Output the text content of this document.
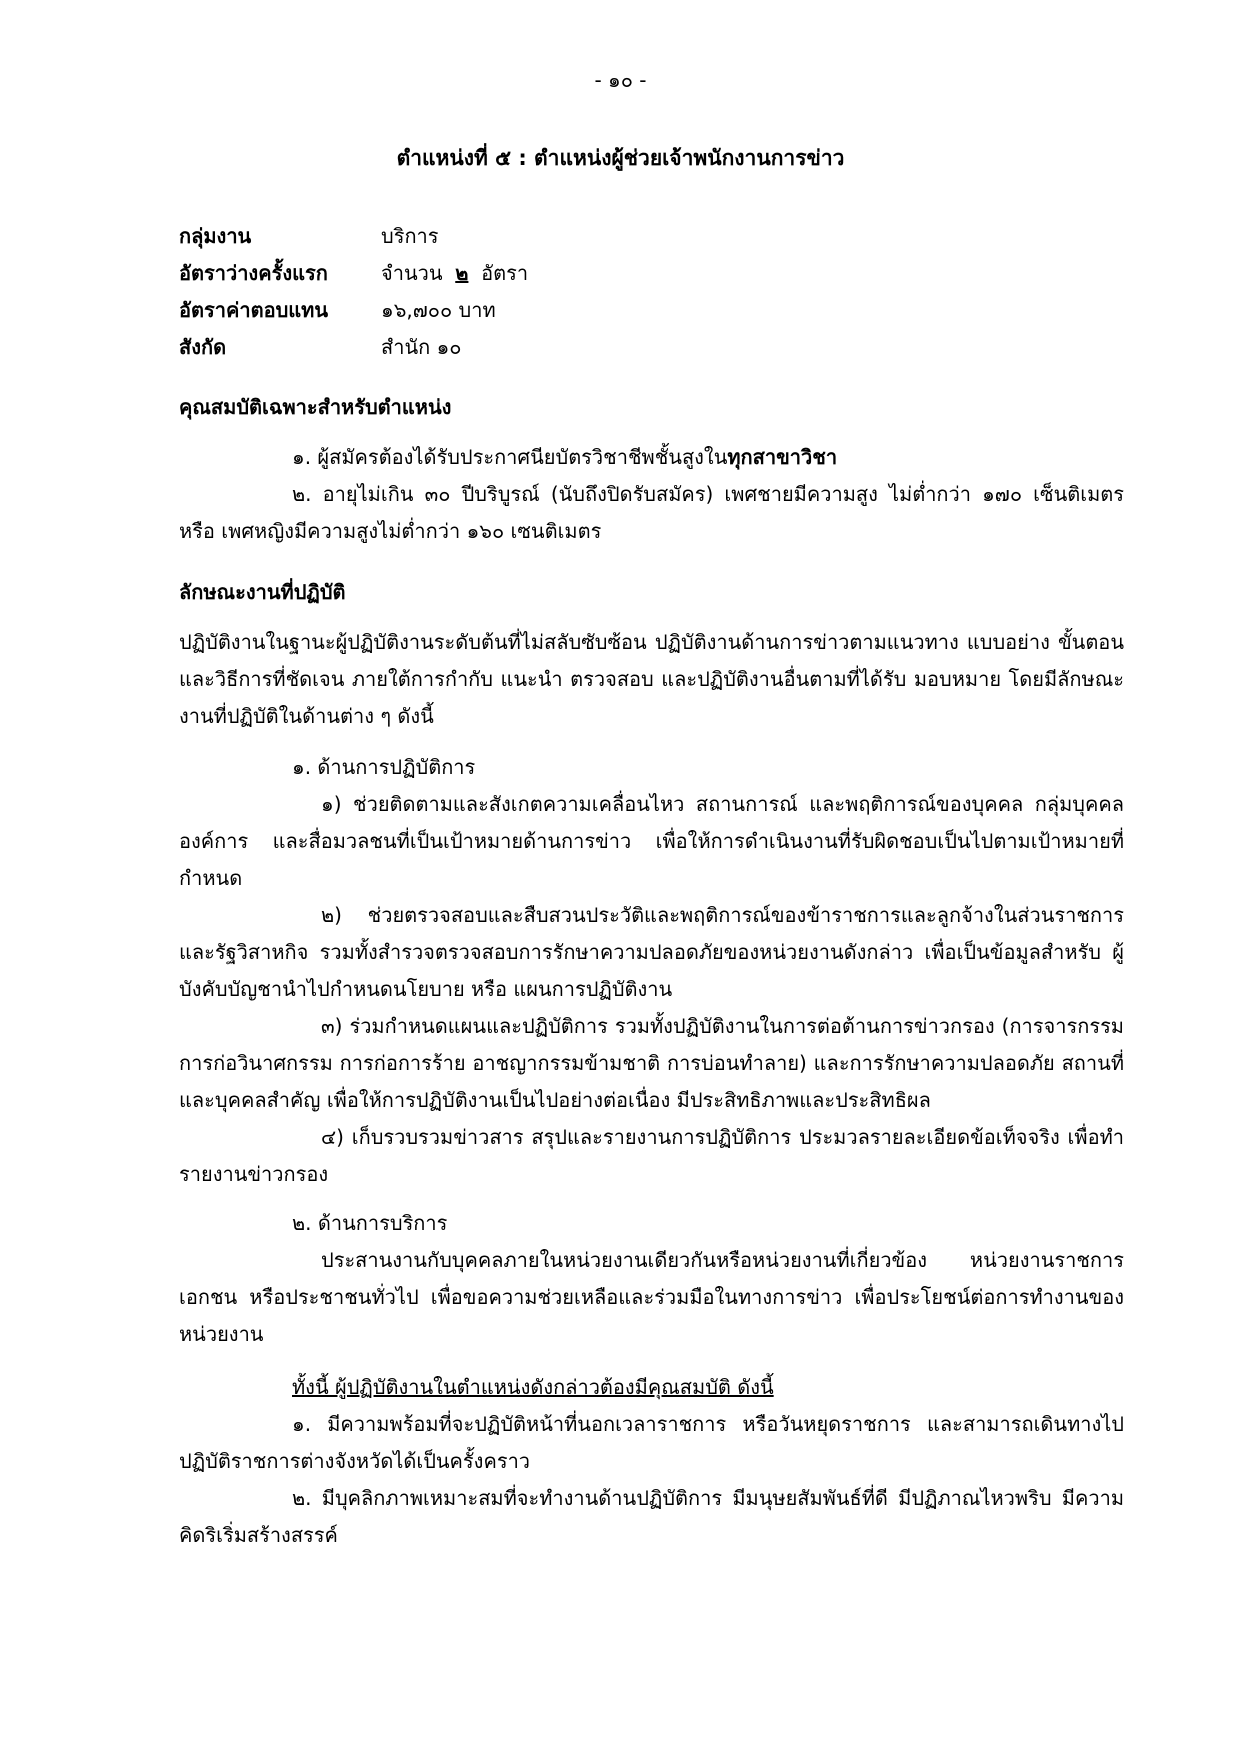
- ๑๐ -
ตำแหน่งที่ ๕ : ตำแหน่งผู้ช่วยเจ้าพนักงานการข่าว
กลุ่มงาน	บริการ
อัตราว่างครั้งแรก	จำนวน ๒ อัตรา
อัตราค่าตอบแทน	๑๖,๗๐๐ บาท
สังกัด	สำนัก ๑๐
คุณสมบัติเฉพาะสำหรับตำแหน่ง

๑. ผู้สมัครต้องได้รับประกาศนียบัตรวิชาชีพชั้นสูงในทุกสาขาวิชา

๒. อายุไม่เกิน ๓๐ ปีบริบูรณ์ (นับถึงปิดรับสมัคร) เพศชายมีความสูง ไม่ต่ำกว่า ๑๗๐ เซ็นติเมตร หรือ เพศหญิงมีความสูงไม่ต่ำกว่า ๑๖๐ เซนติเมตร

ลักษณะงานที่ปฏิบัติ
ปฏิบัติงานในฐานะผู้ปฏิบัติงานระดับต้นที่ไม่สลับซับซ้อน ปฏิบัติงานด้านการข่าวตามแนวทาง แบบอย่าง ขั้นตอน และวิธีการที่ชัดเจน ภายใต้การกำกับ แนะนำ ตรวจสอบ และปฏิบัติงานอื่นตามที่ได้รับ มอบหมาย โดยมีลักษณะงานที่ปฏิบัติในด้านต่าง ๆ ดังนี้

๑. ด้านการปฏิบัติการ

๑) ช่วยติดตามและสังเกตความเคลื่อนไหว สถานการณ์ และพฤติการณ์ของบุคคล กลุ่มบุคคล องค์การ และสื่อมวลชนที่เป็นเป้าหมายด้านการข่าว เพื่อให้การดำเนินงานที่รับผิดชอบเป็นไปตามเป้าหมายที่กำหนด

๒) ช่วยตรวจสอบและสืบสวนประวัติและพฤติการณ์ของข้าราชการและลูกจ้างในส่วนราชการ และรัฐวิสาหกิจ รวมทั้งสำรวจตรวจสอบการรักษาความปลอดภัยของหน่วยงานดังกล่าว เพื่อเป็นข้อมูลสำหรับ ผู้บังคับบัญชานำไปกำหนดนโยบาย หรือ แผนการปฏิบัติงาน

๓) ร่วมกำหนดแผนและปฏิบัติการ รวมทั้งปฏิบัติงานในการต่อต้านการข่าวกรอง (การจารกรรม การก่อวินาศกรรม การก่อการร้าย อาชญากรรมข้ามชาติ การบ่อนทำลาย) และการรักษาความปลอดภัย สถานที่และบุคคลสำคัญ เพื่อให้การปฏิบัติงานเป็นไปอย่างต่อเนื่อง มีประสิทธิภาพและประสิทธิผล

๔) เก็บรวบรวมข่าวสาร สรุปและรายงานการปฏิบัติการ ประมวลรายละเอียดข้อเท็จจริง เพื่อทำรายงานข่าวกรอง

๒. ด้านการบริการ

ประสานงานกับบุคคลภายในหน่วยงานเดียวกันหรือหน่วยงานที่เกี่ยวข้อง หน่วยงานราชการ เอกชน หรือประชาชนทั่วไป เพื่อขอความช่วยเหลือและร่วมมือในทางการข่าว เพื่อประโยชน์ต่อการทำงานของ หน่วยงาน

ทั้งนี้ ผู้ปฏิบัติงานในตำแหน่งดังกล่าวต้องมีคุณสมบัติ ดังนี้

๑. มีความพร้อมที่จะปฏิบัติหน้าที่นอกเวลาราชการ หรือวันหยุดราชการ และสามารถเดินทางไป ปฏิบัติราชการต่างจังหวัดได้เป็นครั้งคราว

๒. มีบุคลิกภาพเหมาะสมที่จะทำงานด้านปฏิบัติการ มีมนุษยสัมพันธ์ที่ดี มีปฏิภาณไหวพริบ มีความคิดริเริ่มสร้างสรรค์
